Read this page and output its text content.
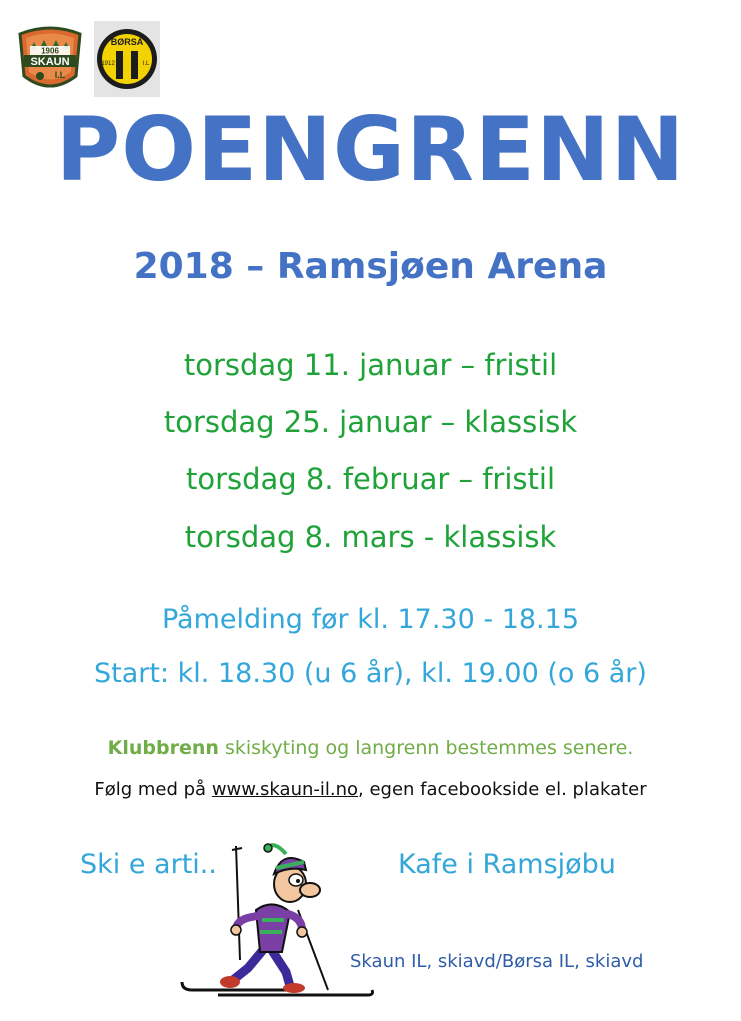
1906
SKAUN
I.L
BØRSA
1912	I.L
POENGRENN
2018 – Ramsjøen Arena
torsdag 11. januar – fristil
torsdag 25. januar – klassisk
torsdag 8. februar – fristil
torsdag 8. mars - klassisk
Påmelding før kl. 17.30 - 18.15
Start: kl. 18.30 (u 6 år), kl. 19.00 (o 6 år)
Klubbrenn skiskyting og langrenn bestemmes senere.
Følg med på www.skaun-il.no, egen facebookside el. plakater
Ski e arti..	Kafe i Ramsjøbu
Skaun IL, skiavd/Børsa IL, skiavd
